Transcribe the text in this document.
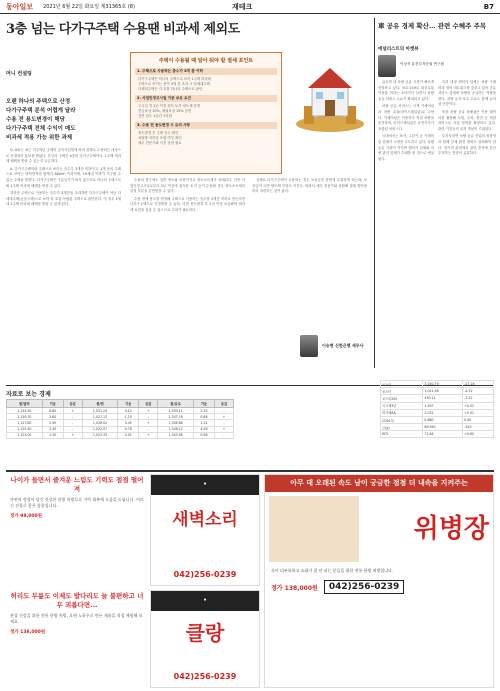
동아일보 2021년 6월 22일 화요일 제31365호 (8)	재테크	B7
3층 넘는 다가구주택 수용땐 비과세 제외도
머니 컨설팅
오랜 하나의 주택으로 산정
다가구주택 분석 어렵게 달라
수용 전 용도변경이 해당
다가구주택 전체 수익이 매도
비과세 적용 가능 위한 과제

Q. A씨는 최근 거주하던 주택이 공익사업법에 따라 강제로 수용되는 대상으로 선정되어 통보를 받았다. 본인의 주택은 4층의 다가구주택이다. 1주택 비과세 혜택을 받을 수 있는지 궁금하다.

A. 다가구주택이란 주택으로 쓰이는 층수가 3개층 이하이고, 1개 동의 주택으로 쓰이는 바닥면적의 합계가 660m² 이하이며, 19세대 이하가 거주할 수 있는 주택을 말한다. 다가구주택은 구분등기가 되지 않으므로 하나의 주택으로 봐 1주택 비과세 혜택을 받을 수 있다.

하지만 주택으로 사용하는 층수가 3개층을 초과하면 다가구주택이 아닌 다세대주택(공동주택)으로 보아 각 호를 독립된 주택으로 판단한다. 이 경우 1세대 1주택 비과세 혜택을 받을 수 없게 된다.

주택이 수용될 때 알아 둬야 할 절세 포인트
1. 주택으로 사용하는 층수가 3개 층 이하
다가구주택은 하나의 주택으로 보아 1주택 비과세
주택으로 쓰이는 층이 3개 층 초과 시 다세대주택
다세대주택은 각 호를 하나의 주택으로 판단
2. 사업인정고시일 기준 보유 요건
고시일 전 2년 이전 취득 토지 양도세 감면
현금보상 10%, 채권보상 15% 감면
감면 한도 1년간 1억원
3. 수용 전 용도변경 시 유의 사항
용도변경 후 주택 층수 확인
옥탑방·지하층 포함 여부 확인
세무 전문가와 사전 상담 필요

수용의 경우에도 일반 양도와 마찬가지로 양도소득세가 과세된다. 다만 사업인정고시일로부터 2년 이전에 취득한 토지 등이 수용될 경우 양도소득세의 일정 부분을 감면받을 수 있다.

수용 전에 용도를 변경해 주택으로 사용하는 층수를 3개층 이하로 만든다면 다가구주택으로 인정받을 수 있다. 다만 용도변경 후 2년 이상 보유해야 비과세 요건을 갖출 수 있으므로 주의가 필요하다.

실제로 다가구주택이 수용되는 경우 보상금을 한번에 수령하게 되는데, 보상금이 크면 양도세 부담도 커진다. 따라서 세무 전문가와 상담해 절세 방안을 미리 마련하는 것이 좋다.

이승현 신한은행 세무사
車 공유 경제 확산… 관련 수혜주 주목
애널리스트의 마켓뷰
이상욱 유진투자증권 연구원

글로벌 내 차량 공유 시장이 빠르게 성장하고 있다. 코로나19로 대중교통 이용을 꺼리는 소비자가 늘면서 차량 공유 서비스 수요가 확대되고 있다.

차량 공유 서비스는 크게 카셰어링과 차량 호출(라이드헤일링)로 나뉜다. 카셰어링은 이용자가 직접 차량을 운전하며, 라이드헤일링은 운전기사가 포함된 서비스다.

국내에서는 쏘카, 그린카 등 카셰어링 업체가 시장을 주도하고 있다. 차량 공유 시장이 커지면 렌터카 업체와 차량 관리 업체가 수혜를 볼 것으로 예상된다.

특히 대형 렌터카 업체는 차량 구매력과 정비 네트워크를 갖추고 있어 공유 서비스 업체에 차량을 공급하는 역할을 한다. 차량 유지·보수 수요도 함께 늘어날 전망이다.

또한 차량 공유 플랫폼은 이용 데이터를 활용해 보험, 주차, 충전 등 연관 서비스로 사업 영역을 확장하고 있다. 관련 기업들의 실적 개선이 기대된다.

투자자라면 차량 공유 산업의 성장성과 함께 규제 환경 변화도 살펴봐야 한다. 장기적 관점에서 관련 종목에 분산 투자하는 전략이 유효하다.

자료로 보는 경제
원/달러	기준	증감	원/엔	기준	증감	원/유로	기준	증감
1,134.50	6.80	+	1,031.24	4.12	+	1,350.11	2.35	-
1,130.70	3.80	-	1,027.12	1.10	-	1,347.76	0.88	+
1,127.80	2.90	-	1,026.02	3.45	+	1,346.88	1.24	-
1,125.40	2.40	-	1,022.57	0.76	-	1,348.12	4.56	+
1,123.00	1.20	+	1,023.33	2.01	+	1,343.56	0.98	-
코스피	3,240.79	-27.16
코스닥	1,011.56	-4.32
코스피200	430.11	-3.52
국고채3년	1.497	+0.02
회사채AA-	2.031	+0.01
CD91일	0.680	0.00
금(g)	66,950	-340
WTI	71.64	+0.60
나이가 들면서 즐겨운 느림도 기력도 점점 떨어져
자연의 정성이 담긴 건강한 한방 처방으로 기력 회복에 도움을 드립니다. 어르신 선물로 좋은 상품입니다.
정가 98,000원
♦
새벽소리
042)256-0239
허리도 무릎도 이제도 밭다리도 늘 불편하고 너무 괴롭다면...
관절 건강을 위한 전통 한방 처방, 오랜 노하우로 만든 제품을 직접 체험해 보세요.
정가 138,000원
♦
클랑
042)256-0239
아무 데 오래된 속도 남이 궁금한 점점 더 내속을 지켜주는
위병장
속이 더부룩하고 소화가 잘 안 되는 분들을 위한 전통 한방 처방입니다.
정가 138,000원	042)256-0239
